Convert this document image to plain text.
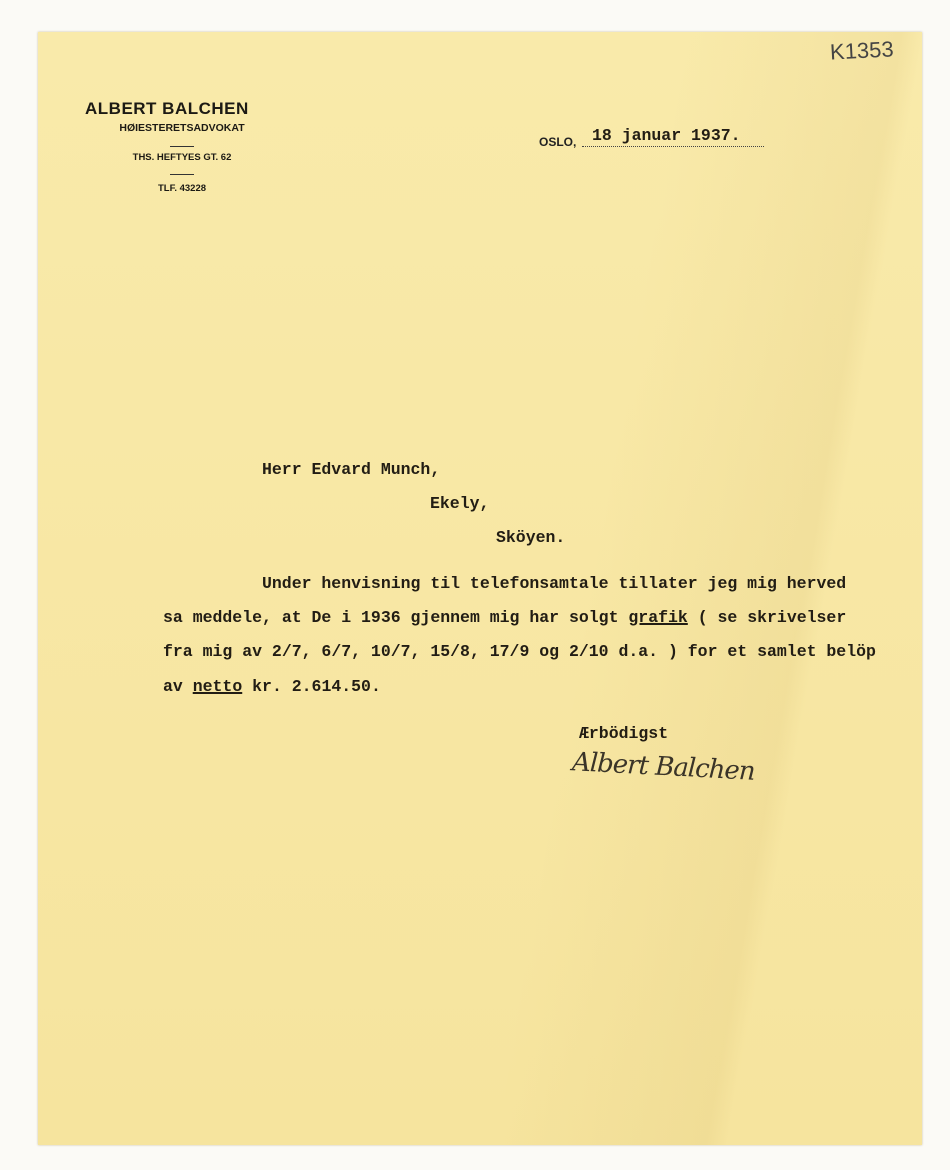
K1353
ALBERT BALCHEN
HØIESTERETSADVOKAT
THS. HEFTYES GT. 62
TLF. 43228
OSLO, 18 januar 1937.
Herr Edvard Munch,
Ekely,
Sköyen.
Under henvisning til telefonsamtale tillater jeg mig herved
sa meddele, at De i 1936 gjennem mig har solgt grafik ( se skrivelser
fra mig av 2/7, 6/7, 10/7, 15/8, 17/9 og 2/10 d.a. ) for et samlet belöp
av netto kr. 2.614.50.
Ærbödigst
Albert Balchen
